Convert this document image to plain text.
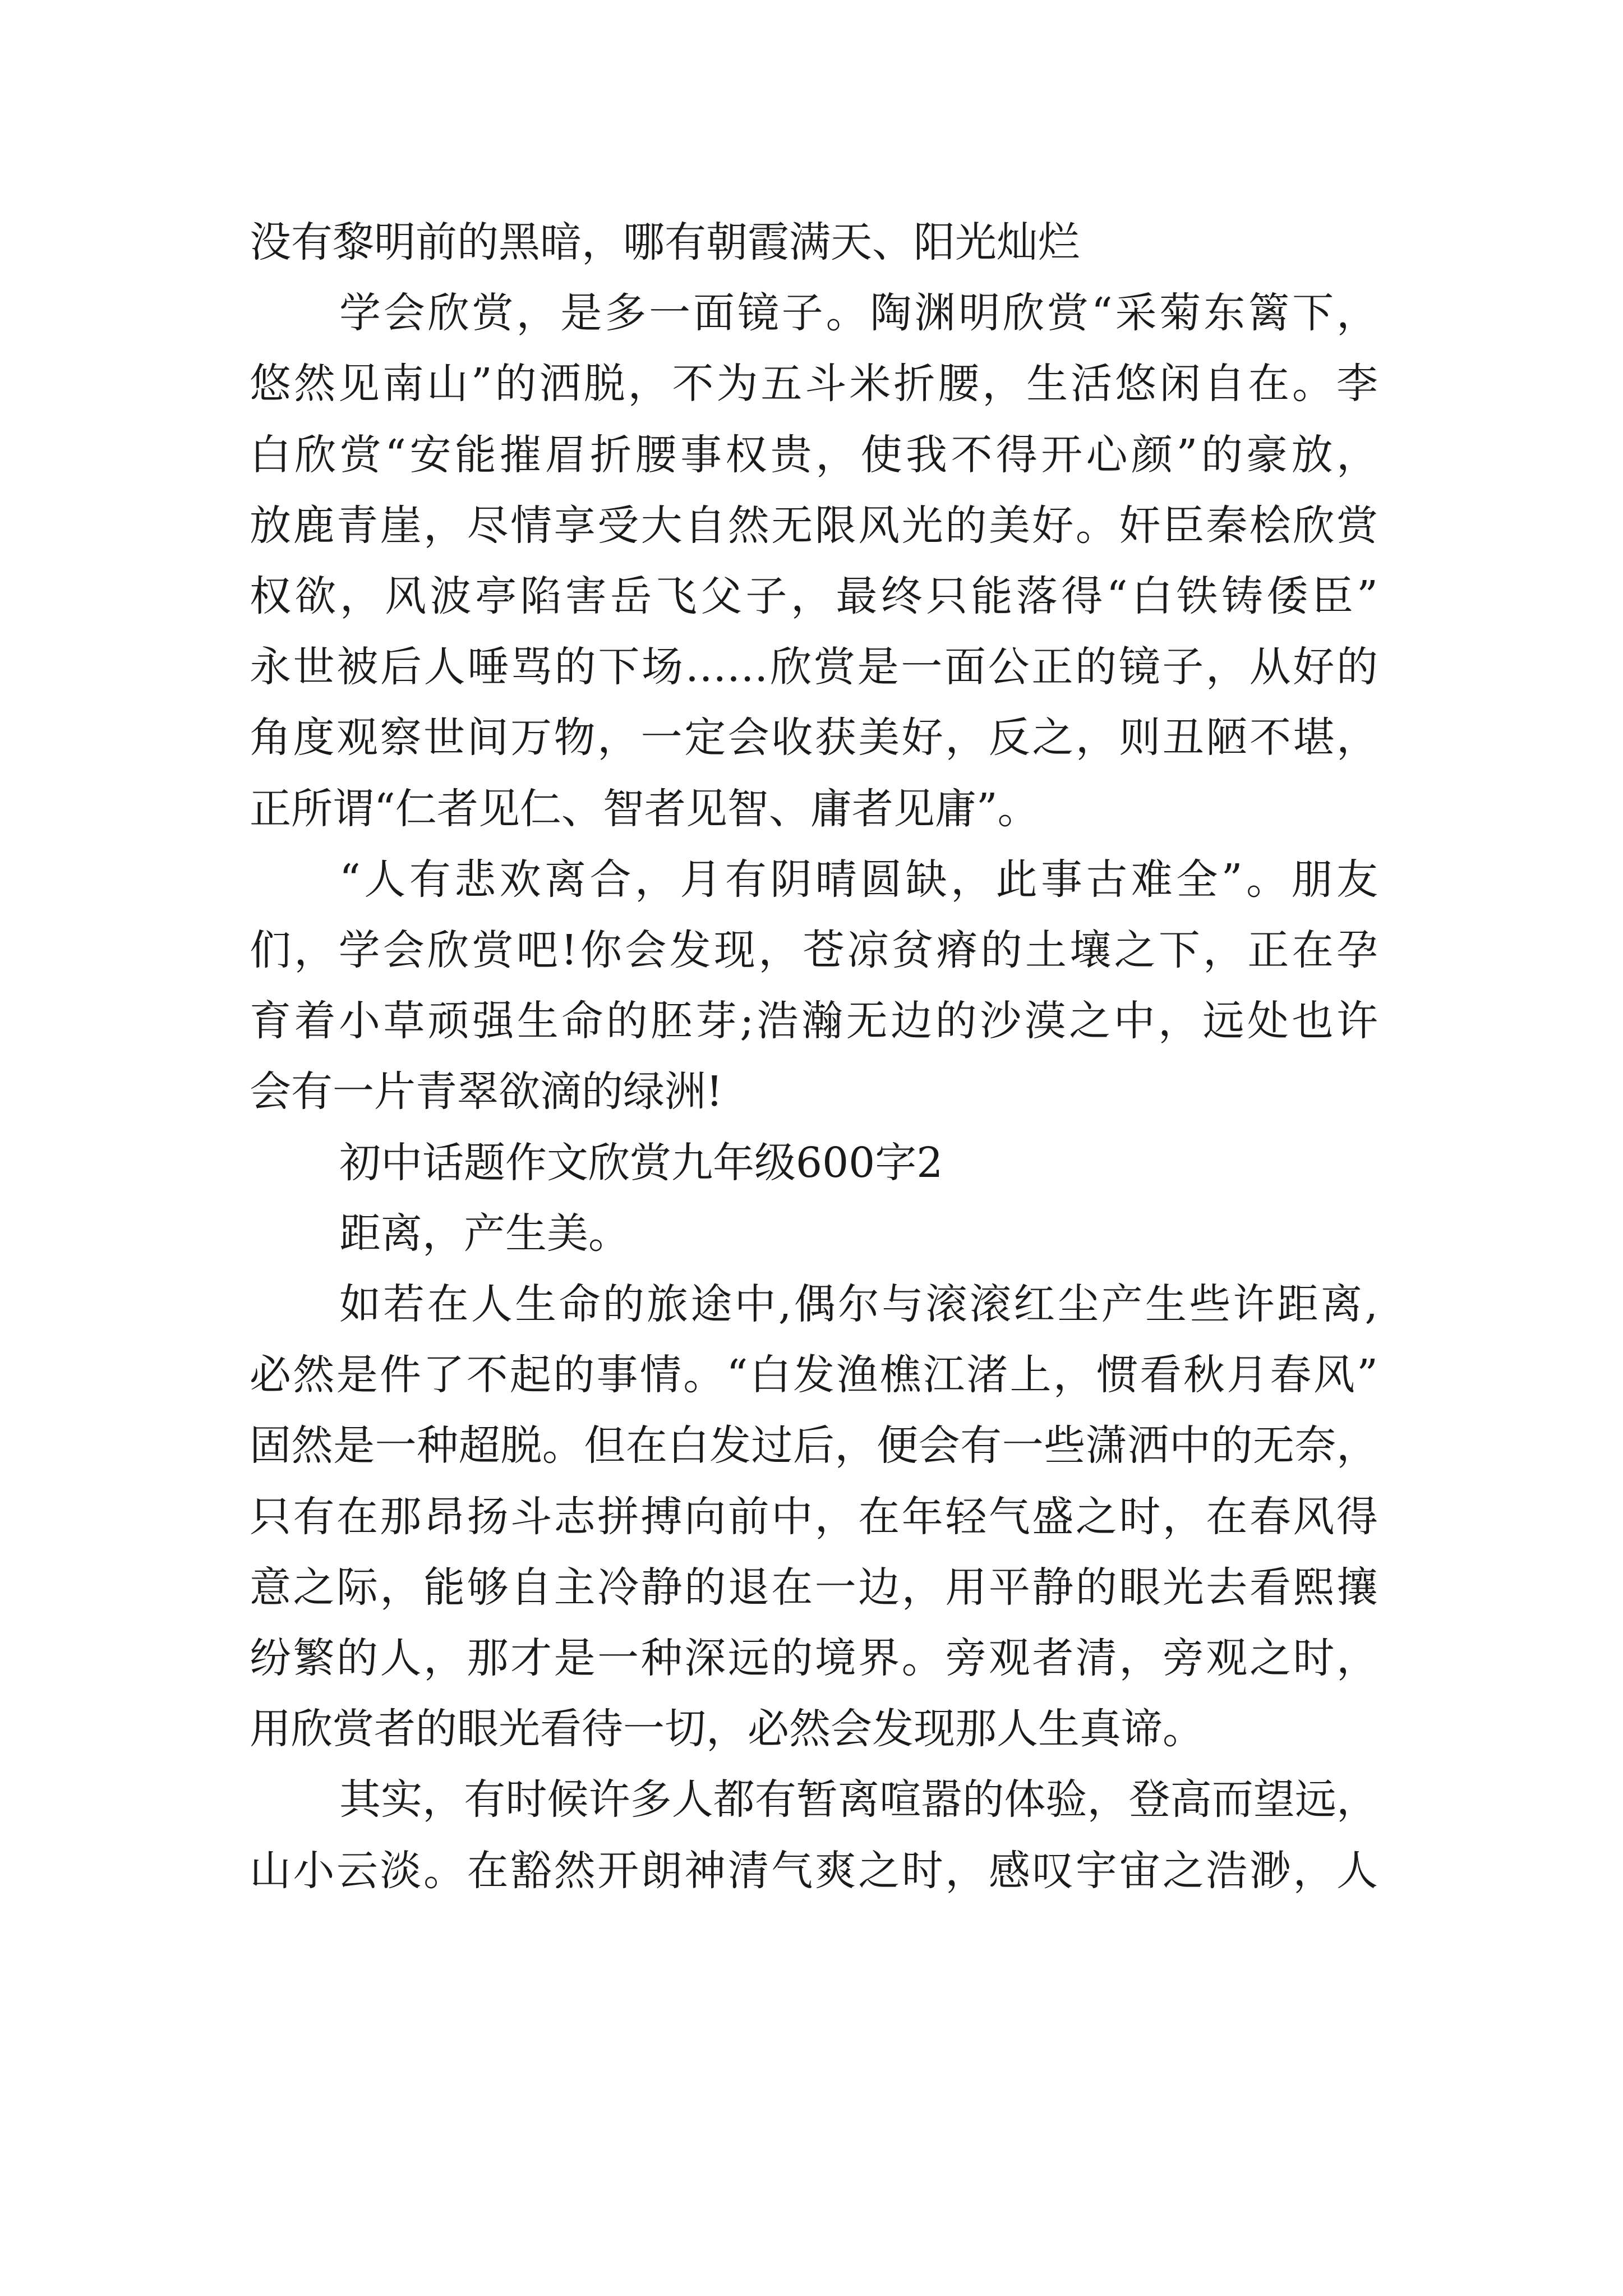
没有黎明前的黑暗，哪有朝霞满天、阳光灿烂
学会欣赏，是多一面镜子。陶渊明欣赏“采菊东篱下，
悠然见南山”的洒脱，不为五斗米折腰，生活悠闲自在。李
白欣赏“安能摧眉折腰事权贵，使我不得开心颜”的豪放，
放鹿青崖，尽情享受大自然无限风光的美好。奸臣秦桧欣赏
权欲，风波亭陷害岳飞父子，最终只能落得“白铁铸倭臣”
永世被后人唾骂的下场……欣赏是一面公正的镜子，从好的
角度观察世间万物，一定会收获美好，反之，则丑陋不堪，
正所谓“仁者见仁、智者见智、庸者见庸”。
“人有悲欢离合，月有阴晴圆缺，此事古难全”。朋友
们，学会欣赏吧!你会发现，苍凉贫瘠的土壤之下，正在孕
育着小草顽强生命的胚芽;浩瀚无边的沙漠之中，远处也许
会有一片青翠欲滴的绿洲!
初中话题作文欣赏九年级600字2
距离，产生美。
如若在人生命的旅途中,偶尔与滚滚红尘产生些许距离,
必然是件了不起的事情。“白发渔樵江渚上，惯看秋月春风”
固然是一种超脱。但在白发过后，便会有一些潇洒中的无奈，
只有在那昂扬斗志拼搏向前中，在年轻气盛之时，在春风得
意之际，能够自主冷静的退在一边，用平静的眼光去看熙攘
纷繁的人，那才是一种深远的境界。旁观者清，旁观之时，
用欣赏者的眼光看待一切，必然会发现那人生真谛。
其实，有时候许多人都有暂离喧嚣的体验，登高而望远，
山小云淡。在豁然开朗神清气爽之时，感叹宇宙之浩渺，人
